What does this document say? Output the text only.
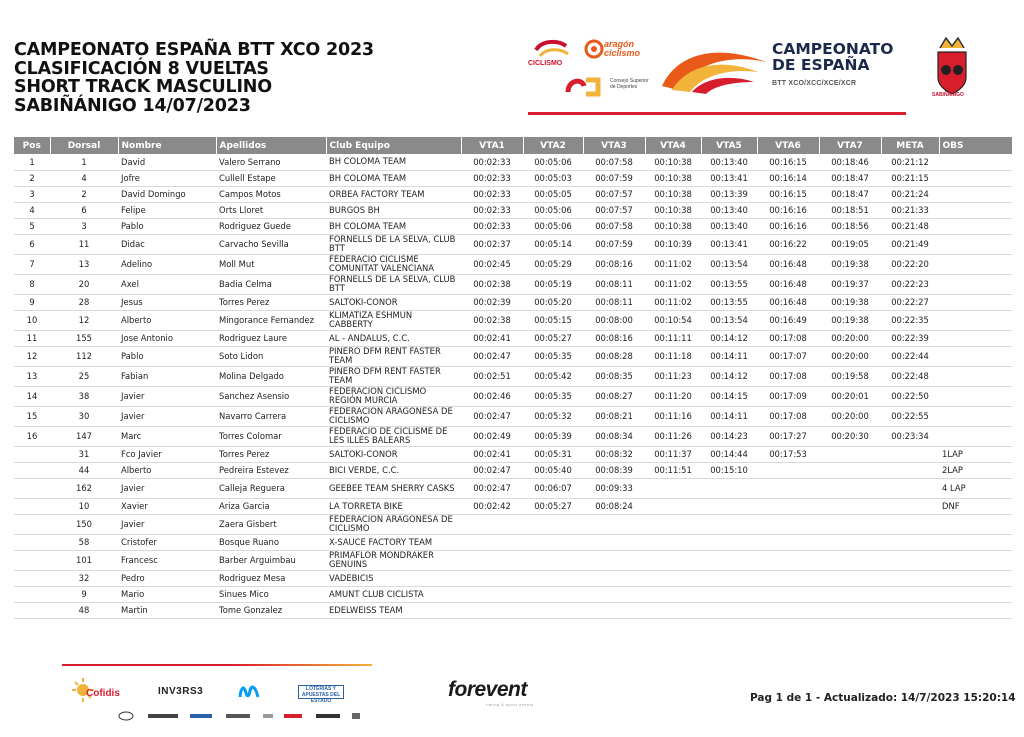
CAMPEONATO ESPAÑA BTT XCO 2023
CLASIFICACIÓN 8 VUELTAS
SHORT TRACK MASCULINO
SABIÑÁNIGO 14/07/2023
CICLISMO
aragón
ciclismo
Consejo Superior de Deportes
CAMPEONATO
DE ESPAÑA
BTT XCO/XCC/XCE/XCR
SABIÑÁNIGO
Pos	Dorsal	Nombre	Apellidos	Club Equipo	VTA1	VTA2	VTA3	VTA4	VTA5	VTA6	VTA7	META	OBS
1	1	David	Valero Serrano	BH COLOMA TEAM	00:02:33	00:05:06	00:07:58	00:10:38	00:13:40	00:16:15	00:18:46	00:21:12	
2	4	Jofre	Cullell Estape	BH COLOMA TEAM	00:02:33	00:05:03	00:07:59	00:10:38	00:13:41	00:16:14	00:18:47	00:21:15	
3	2	David Domingo	Campos Motos	ORBEA FACTORY TEAM	00:02:33	00:05:05	00:07:57	00:10:38	00:13:39	00:16:15	00:18:47	00:21:24	
4	6	Felipe	Orts Lloret	BURGOS BH	00:02:33	00:05:06	00:07:57	00:10:38	00:13:40	00:16:16	00:18:51	00:21:33	
5	3	Pablo	Rodriguez Guede	BH COLOMA TEAM	00:02:33	00:05:06	00:07:58	00:10:38	00:13:40	00:16:16	00:18:56	00:21:48	
6	11	Didac	Carvacho Sevilla	FORNELLS DE LA SELVA, CLUB BTT	00:02:37	00:05:14	00:07:59	00:10:39	00:13:41	00:16:22	00:19:05	00:21:49	
7	13	Adelino	Moll Mut	FEDERACIÓ CICLISME COMUNITAT VALENCIANA	00:02:45	00:05:29	00:08:16	00:11:02	00:13:54	00:16:48	00:19:38	00:22:20	
8	20	Axel	Badia Celma	FORNELLS DE LA SELVA, CLUB BTT	00:02:38	00:05:19	00:08:11	00:11:02	00:13:55	00:16:48	00:19:37	00:22:23	
9	28	Jesus	Torres Perez	SALTOKI-CONOR	00:02:39	00:05:20	00:08:11	00:11:02	00:13:55	00:16:48	00:19:38	00:22:27	
10	12	Alberto	Mingorance Fernandez	KLIMATIZA ESHMUN CABBERTY	00:02:38	00:05:15	00:08:00	00:10:54	00:13:54	00:16:49	00:19:38	00:22:35	
11	155	Jose Antonio	Rodriguez Laure	AL - ANDALUS, C.C.	00:02:41	00:05:27	00:08:16	00:11:11	00:14:12	00:17:08	00:20:00	00:22:39	
12	112	Pablo	Soto Lidon	PIÑERO DFM RENT FASTER TEAM	00:02:47	00:05:35	00:08:28	00:11:18	00:14:11	00:17:07	00:20:00	00:22:44	
13	25	Fabian	Molina Delgado	PIÑERO DFM RENT FASTER TEAM	00:02:51	00:05:42	00:08:35	00:11:23	00:14:12	00:17:08	00:19:58	00:22:48	
14	38	Javier	Sanchez Asensio	FEDERACIÓN CICLISMO REGIÓN MURCIA	00:02:46	00:05:35	00:08:27	00:11:20	00:14:15	00:17:09	00:20:01	00:22:50	
15	30	Javier	Navarro Carrera	FEDERACIÓN ARAGONESA DE CICLISMO	00:02:47	00:05:32	00:08:21	00:11:16	00:14:11	00:17:08	00:20:00	00:22:55	
16	147	Marc	Torres Colomar	FEDERACIÓ DE CICLISME DE LES ILLES BALEARS	00:02:49	00:05:39	00:08:34	00:11:26	00:14:23	00:17:27	00:20:30	00:23:34	
	31	Fco Javier	Torres Perez	SALTOKI-CONOR	00:02:41	00:05:31	00:08:32	00:11:37	00:14:44	00:17:53			1LAP
	44	Alberto	Pedreira Estevez	BICI VERDE, C.C.	00:02:47	00:05:40	00:08:39	00:11:51	00:15:10				2LAP
	162	Javier	Calleja Reguera	GEEBEE TEAM SHERRY CASKS	00:02:47	00:06:07	00:09:33						4 LAP
	10	Xavier	Ariza Garcia	LA TORRETA BIKE	00:02:42	00:05:27	00:08:24						DNF
	150	Javier	Zaera Gisbert	FEDERACIÓN ARAGONESA DE CICLISMO									
	58	Cristofer	Bosque Ruano	X-SAUCE FACTORY TEAM									
	101	Francesc	Barber Arguimbau	PRIMAFLOR MONDRAKER GENUINS									
	32	Pedro	Rodriguez Mesa	VADEBICIS									
	9	Mario	Sinues Mico	AMUNT CLUB CICLISTA									
	48	Martin	Tome Gonzalez	EDELWEISS TEAM									
Cofidis	INV3RS3	LOTERÍAS Y APUESTAS DEL ESTADO	forevent
timing & sport events
Pag 1 de 1 - Actualizado: 14/7/2023 15:20:14
